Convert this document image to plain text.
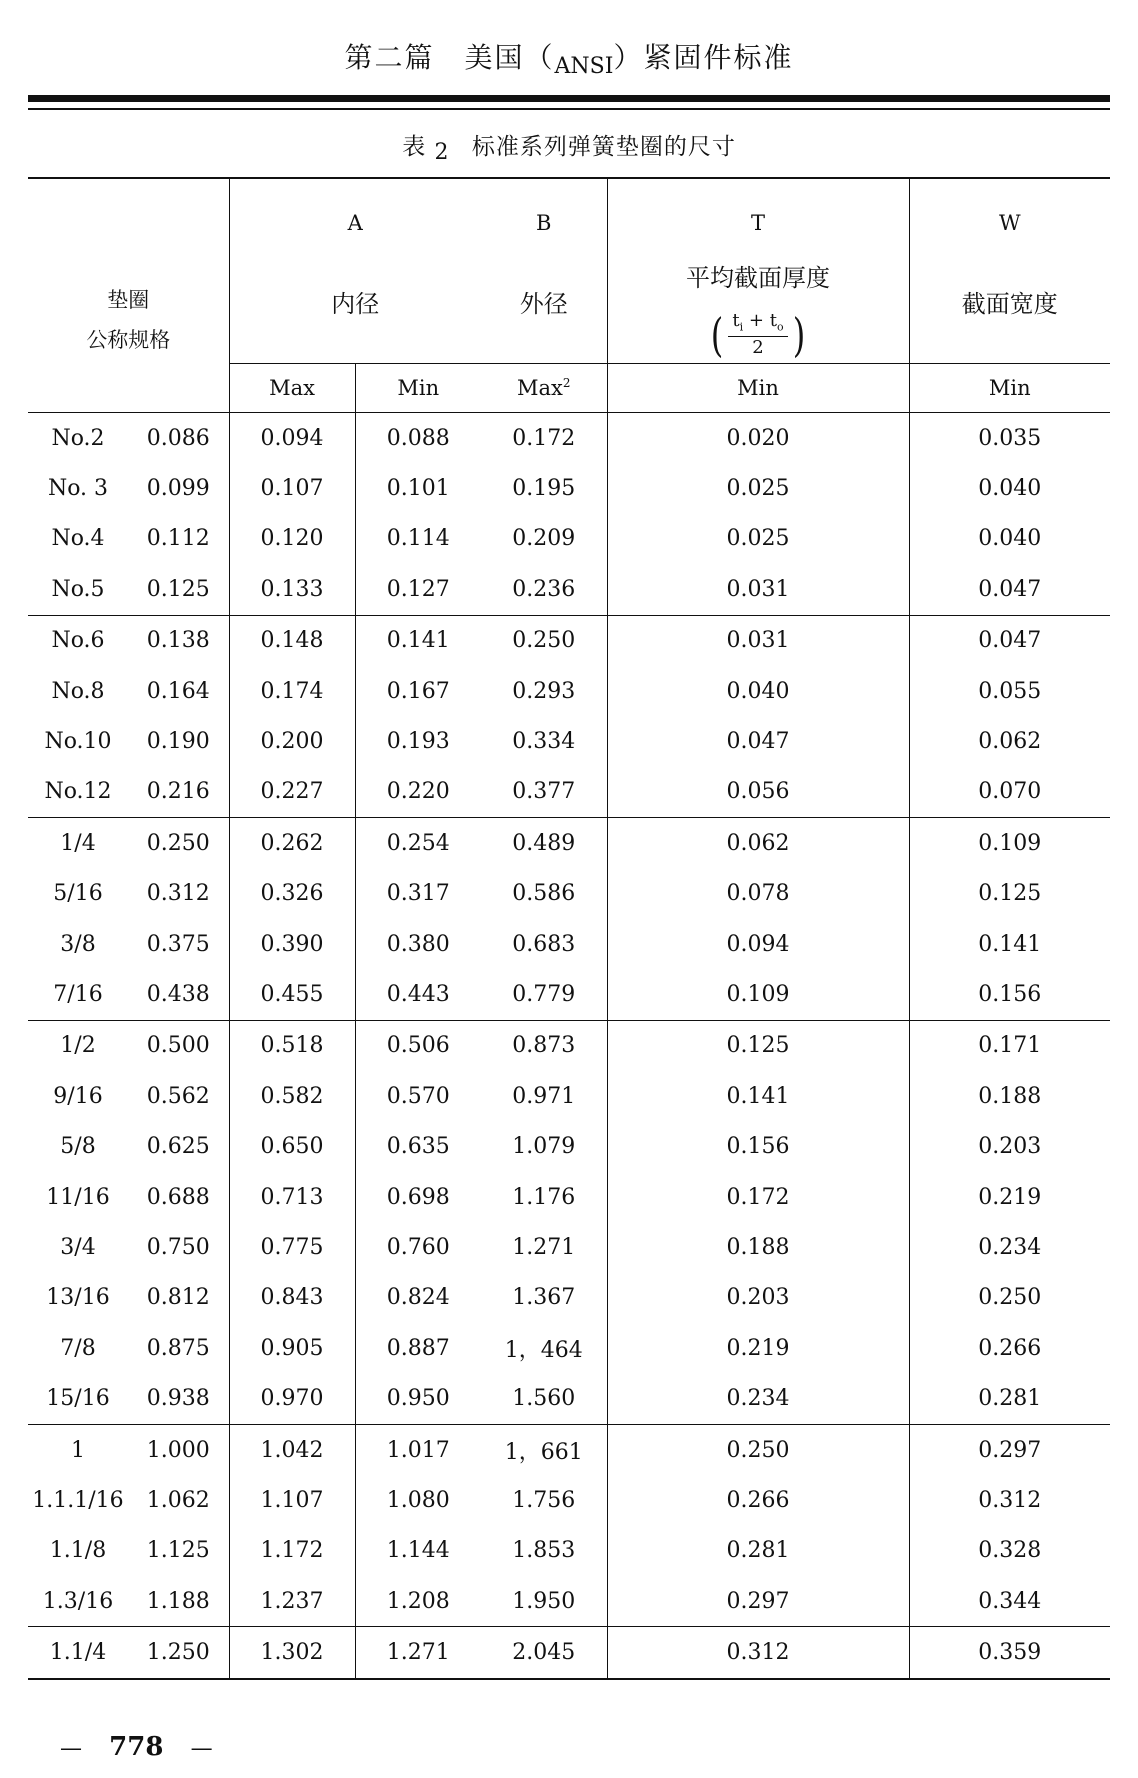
第二篇　美国$(_{ANSI})$紧固件标准
表 2 标准系列弹簧垫圈的尺寸
垫圈
公称规格		A		B	T	W
		内径		外径	平均截面厚度	截面宽度

					( $\frac{t_i + t_o}{2}$ )	

		Max	Min	Max$^2$	Min	Min
No.2	0.086	0.094	0.088	0.172	0.020	0.035
No. 3	0.099	0.107	0.101	0.195	0.025	0.040
No.4	0.112	0.120	0.114	0.209	0.025	0.040
No.5	0.125	0.133	0.127	0.236	0.031	0.047
No.6	0.138	0.148	0.141	0.250	0.031	0.047
No.8	0.164	0.174	0.167	0.293	0.040	0.055
No.10	0.190	0.200	0.193	0.334	0.047	0.062
No.12	0.216	0.227	0.220	0.377	0.056	0.070
1/4	0.250	0.262	0.254	0.489	0.062	0.109
5/16	0.312	0.326	0.317	0.586	0.078	0.125
3/8	0.375	0.390	0.380	0.683	0.094	0.141
7/16	0.438	0.455	0.443	0.779	0.109	0.156
1/2	0.500	0.518	0.506	0.873	0.125	0.171
9/16	0.562	0.582	0.570	0.971	0.141	0.188
5/8	0.625	0.650	0.635	1.079	0.156	0.203
11/16	0.688	0.713	0.698	1.176	0.172	0.219
3/4	0.750	0.775	0.760	1.271	0.188	0.234
13/16	0.812	0.843	0.824	1.367	0.203	0.250
7/8	0.875	0.905	0.887	1，464	0.219	0.266
15/16	0.938	0.970	0.950	1.560	0.234	0.281
1	1.000	1.042	1.017	1，661	0.250	0.297
1.1.1/16	1.062	1.107	1.080	1.756	0.266	0.312
1.1/8	1.125	1.172	1.144	1.853	0.281	0.328
1.3/16	1.188	1.237	1.208	1.950	0.297	0.344
1.1/4	1.250	1.302	1.271	2.045	0.312	0.359
— 778 —
